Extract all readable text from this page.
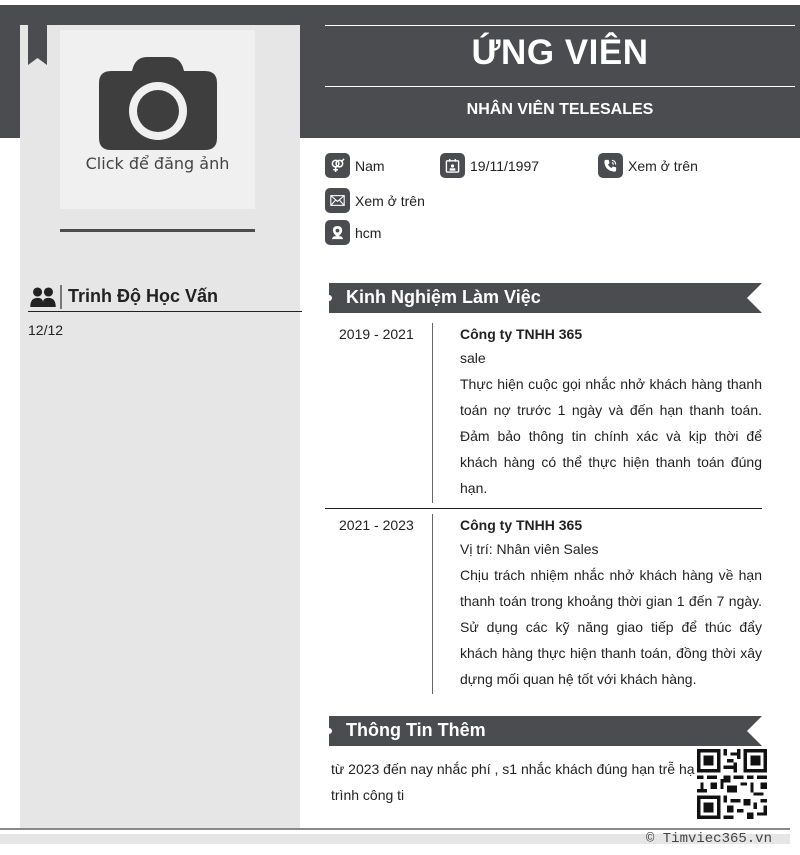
Click để đăng ảnh
Trinh Độ Học Vấn
12/12
ỨNG VIÊN
NHÂN VIÊN TELESALES
Nam	19/11/1997	Xem ở trên
Xem ở trên
hcm
Kinh Nghiệm Làm Việc
2019 - 2021	Công ty TNHH 365
sale
Thực hiện cuộc gọi nhắc nhở khách hàng thanh toán nợ trước 1 ngày và đến hạn thanh toán. Đảm bảo thông tin chính xác và kịp thời để khách hàng có thể thực hiện thanh toán đúng hạn.
2021 - 2023	Công ty TNHH 365
Vị trí: Nhân viên Sales
Chịu trách nhiệm nhắc nhở khách hàng về hạn thanh toán trong khoảng thời gian 1 đến 7 ngày. Sử dụng các kỹ năng giao tiếp để thúc đẩy khách hàng thực hiện thanh toán, đồng thời xây dựng mối quan hệ tốt với khách hàng.
Thông Tin Thêm
từ 2023 đến nay nhắc phí , s1 nhắc khách đúng hạn trễ hạ trình công ti
© Timviec365.vn
